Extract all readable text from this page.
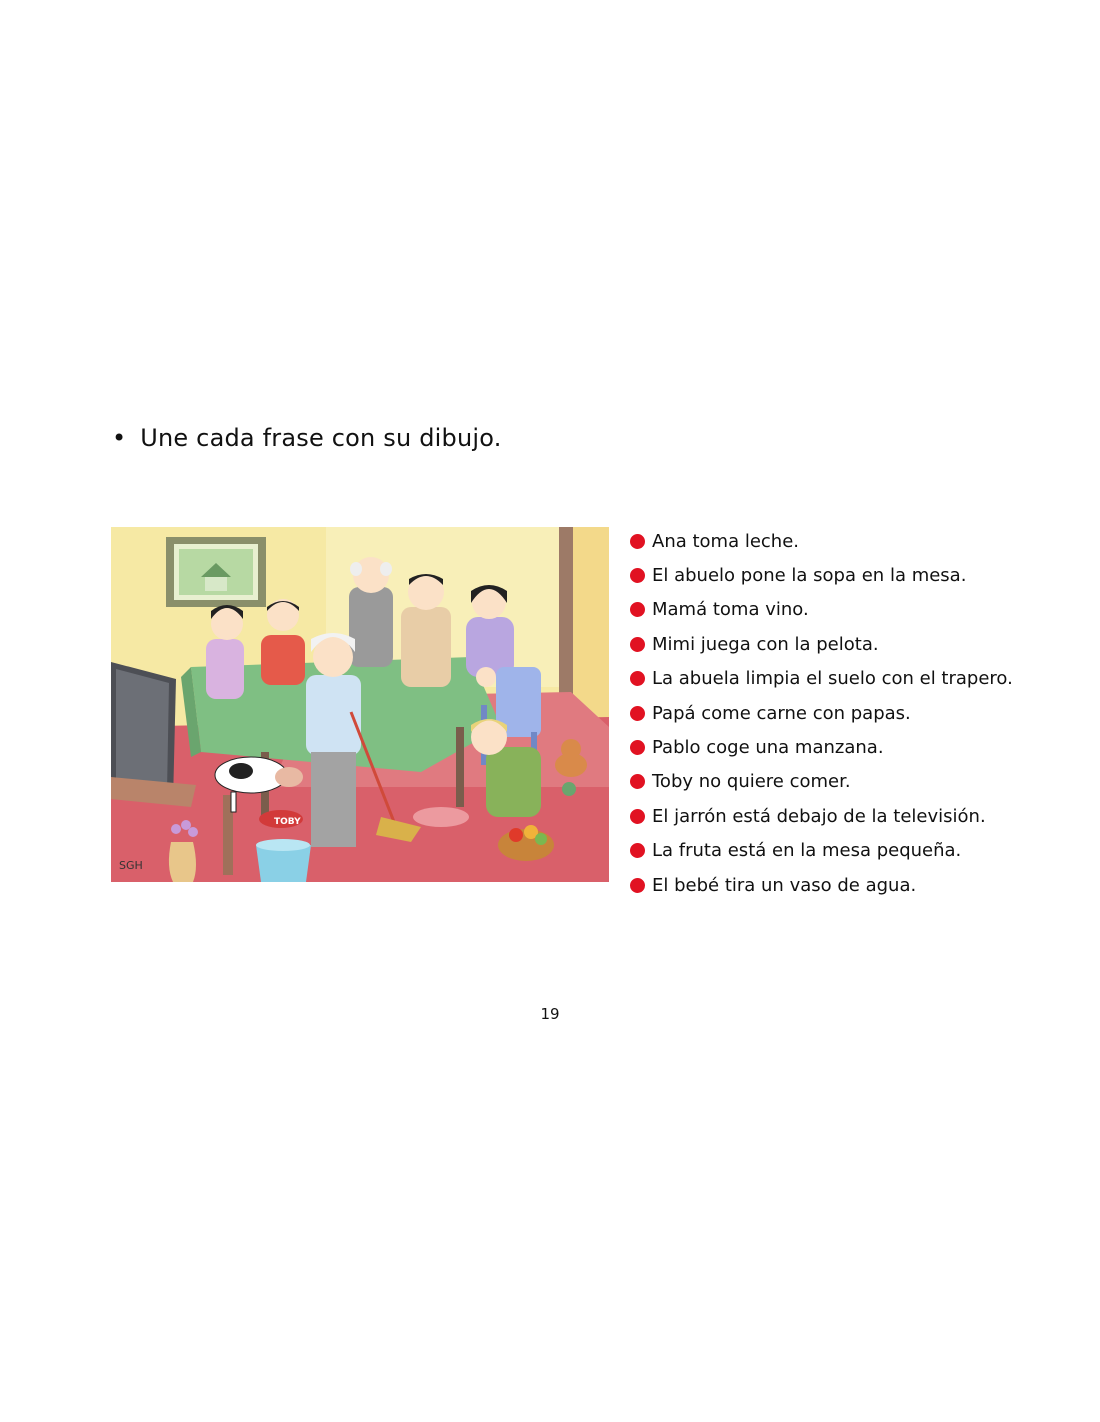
• Une cada frase con su dibujo.
TOBY
SGH
Ana toma leche.
El abuelo pone la sopa en la mesa.
Mamá toma vino.
Mimi juega con la pelota.
La abuela limpia el suelo con el trapero.
Papá come carne con papas.
Pablo coge una manzana.
Toby no quiere comer.
El jarrón está debajo de la televisión.
La fruta está en la mesa pequeña.
El bebé tira un vaso de agua.
19
